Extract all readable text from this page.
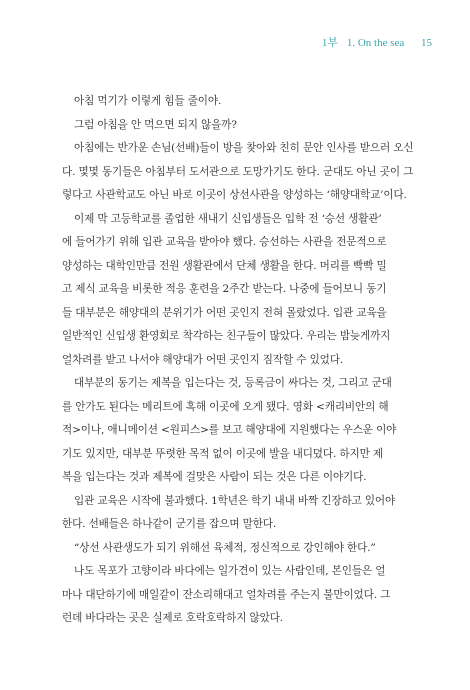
1부 1. On the sea 15

아침 먹기가 이렇게 힘들 줄이야.

그럼 아침을 안 먹으면 되지 않을까?

아침에는 반가운 손님(선배)들이 방을 찾아와 친히 문안 인사를 받으러 오신
다. 몇몇 동기들은 아침부터 도서관으로 도망가기도 한다. 군대도 아닌 곳이 그
렇다고 사관학교도 아닌 바로 이곳이 상선사관을 양성하는 ‘해양대학교’이다.

이제 막 고등학교를 졸업한 새내기 신입생들은 입학 전 ‘승선 생활관’
에 들어가기 위해 입관 교육을 받아야 했다. 승선하는 사관을 전문적으로
양성하는 대학인만큼 전원 생활관에서 단체 생활을 한다. 머리를 빡빡 밀
고 제식 교육을 비롯한 적응 훈련을 2주간 받는다. 나중에 들어보니 동기
들 대부분은 해양대의 분위기가 어떤 곳인지 전혀 몰랐었다. 입관 교육을
일반적인 신입생 환영회로 착각하는 친구들이 많았다. 우리는 밤늦게까지
얼차려를 받고 나서야 해양대가 어떤 곳인지 짐작할 수 있었다.

대부분의 동기는 제복을 입는다는 것, 등록금이 싸다는 것, 그리고 군대
를 안가도 된다는 메리트에 혹해 이곳에 오게 됐다. 영화 <캐리비안의 해
적>이나, 애니메이션 <원피스>를 보고 해양대에 지원했다는 우스운 이야
기도 있지만, 대부분 뚜렷한 목적 없이 이곳에 발을 내디뎠다. 하지만 제
복을 입는다는 것과 제복에 걸맞은 사람이 되는 것은 다른 이야기다.

입관 교육은 시작에 불과했다. 1학년은 학기 내내 바짝 긴장하고 있어야
한다. 선배들은 하나같이 군기를 잡으며 말한다.

“상선 사관생도가 되기 위해선 육체적, 정신적으로 강인해야 한다.”

나도 목포가 고향이라 바다에는 일가견이 있는 사람인데, 본인들은 얼
마나 대단하기에 매일같이 잔소리해대고 얼차려를 주는지 불만이었다. 그
런데 바다라는 곳은 실제로 호락호락하지 않았다.
